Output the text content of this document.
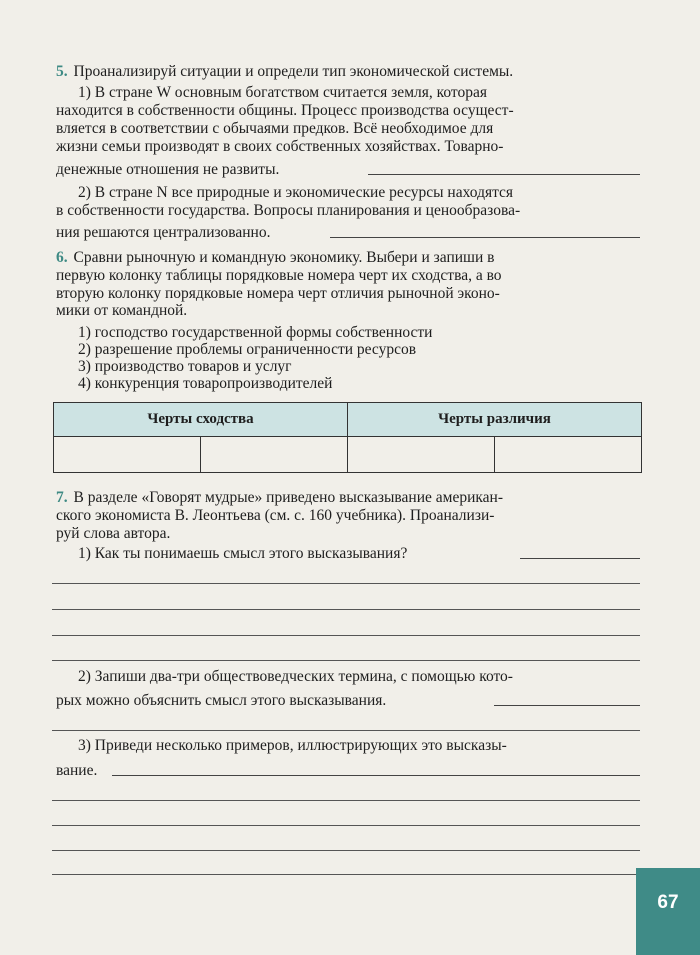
5. Проанализируй ситуации и определи тип экономической системы.
1) В стране W основным богатством считается земля, которая
находится в собственности общины. Процесс производства осущест-
вляется в соответствии с обычаями предков. Всё необходимое для
жизни семьи производят в своих собственных хозяйствах. Товарно-
денежные отношения не развиты.
2) В стране N все природные и экономические ресурсы находятся
в собственности государства. Вопросы планирования и ценообразова-
ния решаются централизованно.
6. Сравни рыночную и командную экономику. Выбери и запиши в
первую колонку таблицы порядковые номера черт их сходства, а во
вторую колонку порядковые номера черт отличия рыночной эконо-
мики от командной.
1) господство государственной формы собственности
2) разрешение проблемы ограниченности ресурсов
3) производство товаров и услуг
4) конкуренция товаропроизводителей
Черты сходства		Черты различия	

7. В разделе «Говорят мудрые» приведено высказывание американ-
ского экономиста В. Леонтьева (см. с. 160 учебника). Проанализи-
руй слова автора.
1) Как ты понимаешь смысл этого высказывания?
2) Запиши два-три обществоведческих термина, с помощью кото-
рых можно объяснить смысл этого высказывания.
3) Приведи несколько примеров, иллюстрирующих это высказы-
вание.
67
